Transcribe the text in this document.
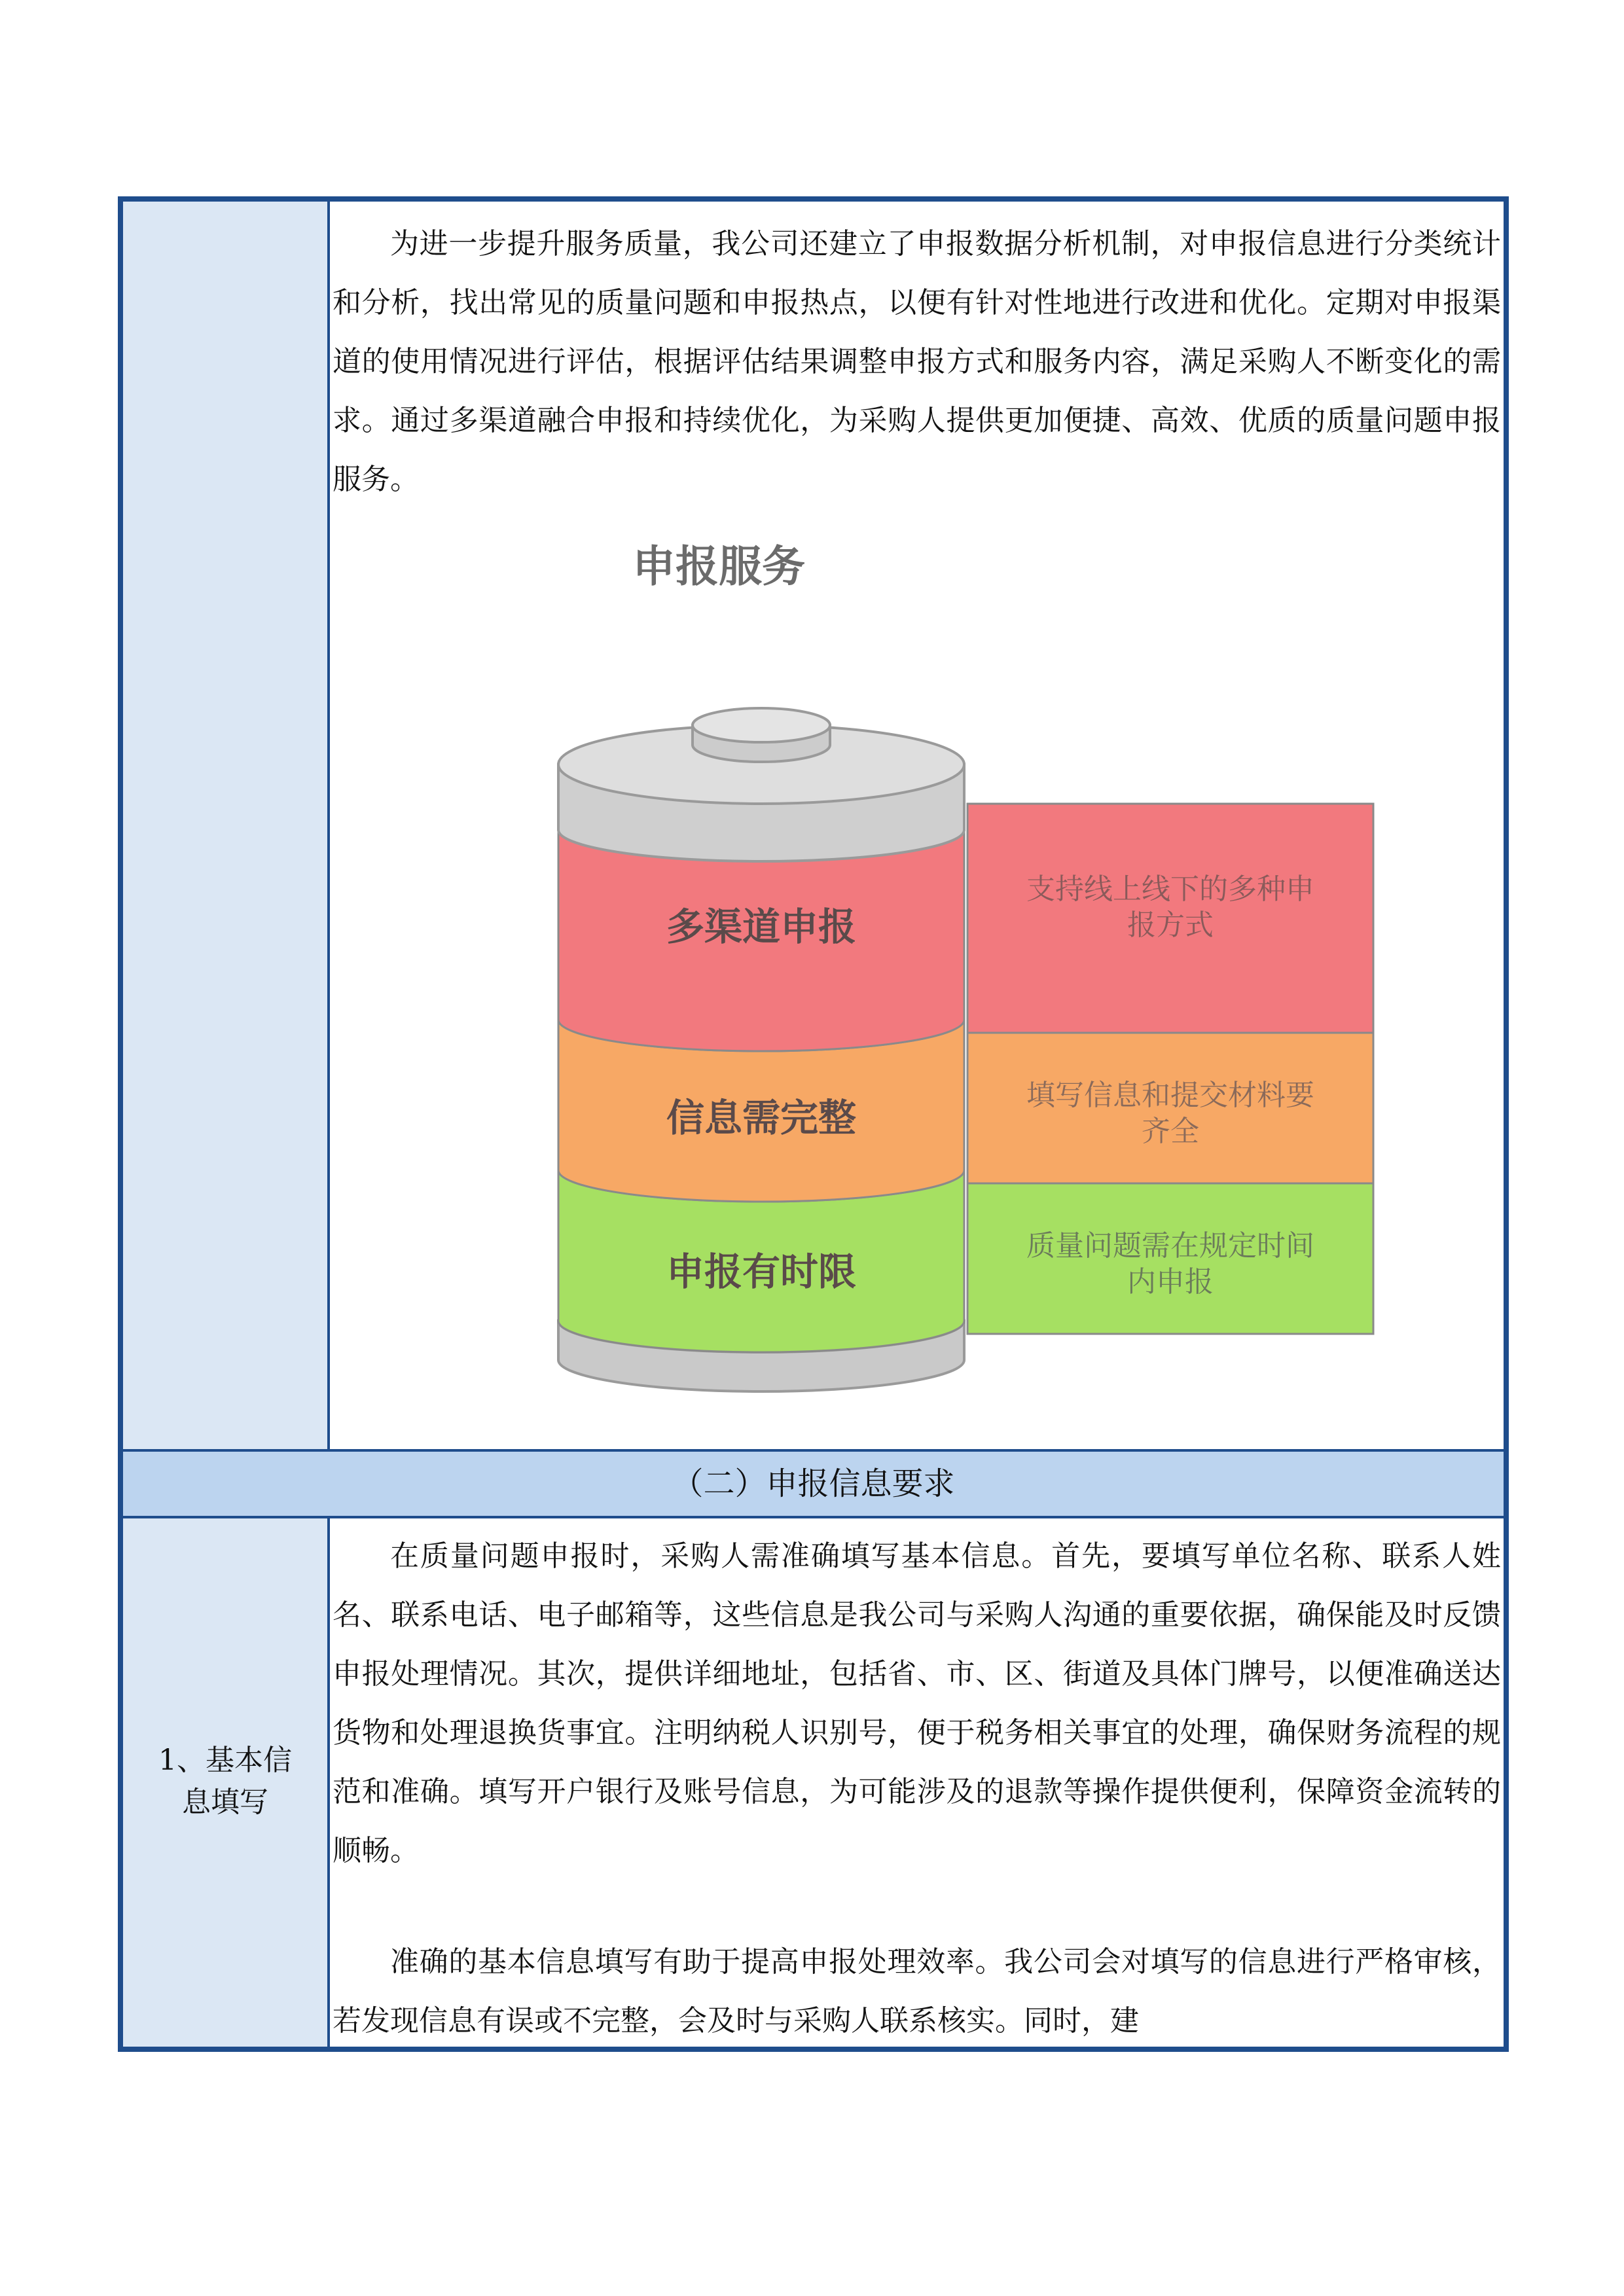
为进一步提升服务质量，我公司还建立了申报数据分析机制，对申报信息进行分类统计和分析，找出常见的质量问题和申报热点，以便有针对性地进行改进和优化。定期对申报渠道的使用情况进行评估，根据评估结果调整申报方式和服务内容，满足采购人不断变化的需求。通过多渠道融合申报和持续优化，为采购人提供更加便捷、高效、优质的质量问题申报服务。

申报服务
多渠道申报
信息需完整
申报有时限
支持线上线下的多种申
报方式
填写信息和提交材料要
齐全
质量问题需在规定时间
内申报
（二）申报信息要求
1、基本信
息填写

在质量问题申报时，采购人需准确填写基本信息。首先，要填写单位名称、联系人姓名、联系电话、电子邮箱等，这些信息是我公司与采购人沟通的重要依据，确保能及时反馈申报处理情况。其次，提供详细地址，包括省、市、区、街道及具体门牌号，以便准确送达货物和处理退换货事宜。注明纳税人识别号，便于税务相关事宜的处理，确保财务流程的规范和准确。填写开户银行及账号信息，为可能涉及的退款等操作提供便利，保障资金流转的顺畅。

准确的基本信息填写有助于提高申报处理效率。我公司会对填写的信息进行严格审核，若发现信息有误或不完整，会及时与采购人联系核实。同时，建
